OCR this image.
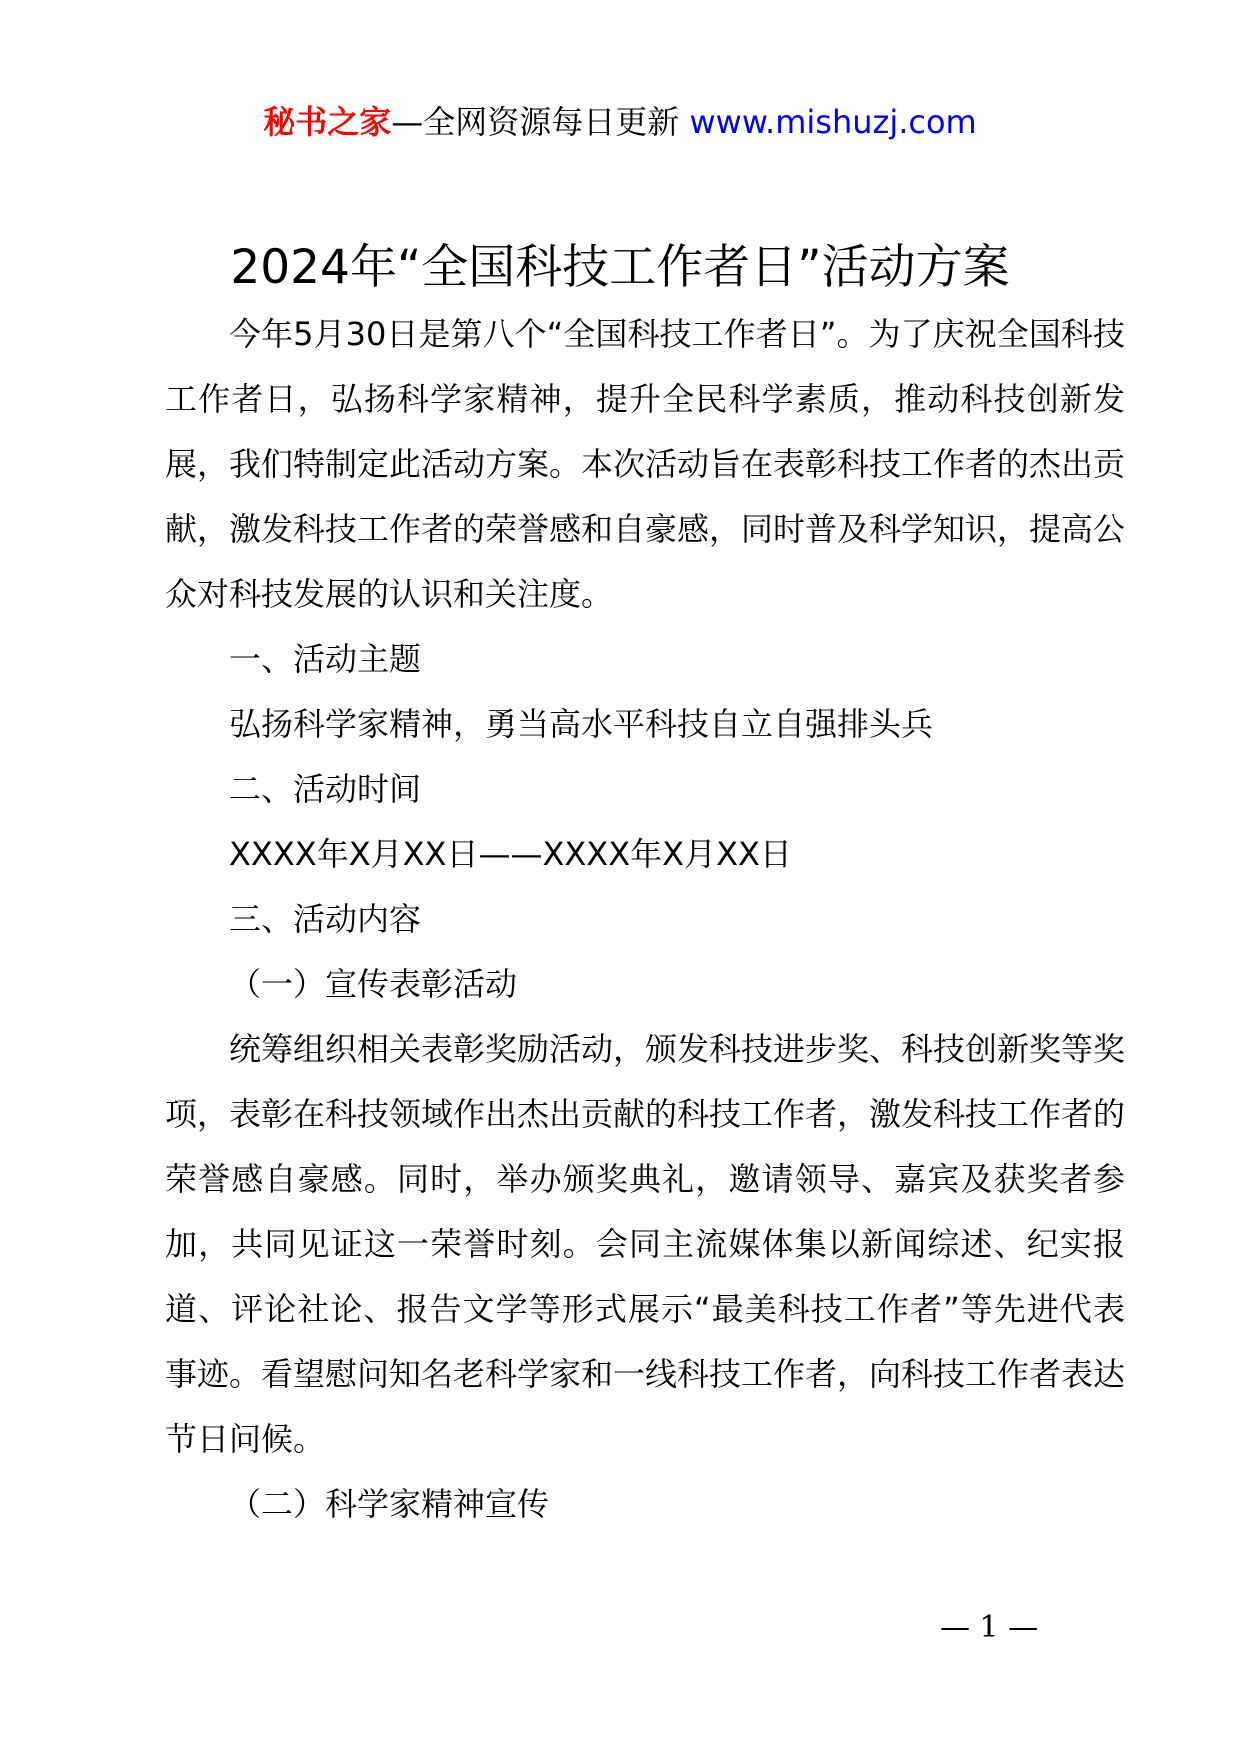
秘书之家—全网资源每日更新 www.mishuzj.com
2024年“全国科技工作者日”活动方案

今年5月30日是第八个“全国科技工作者日”。为了庆祝全国科技工作者日，弘扬科学家精神，提升全民科学素质，推动科技创新发展，我们特制定此活动方案。本次活动旨在表彰科技工作者的杰出贡献，激发科技工作者的荣誉感和自豪感，同时普及科学知识，提高公众对科技发展的认识和关注度。

一、活动主题

弘扬科学家精神，勇当高水平科技自立自强排头兵

二、活动时间

XXXX年X月XX日——XXXX年X月XX日

三、活动内容

（一）宣传表彰活动

统筹组织相关表彰奖励活动，颁发科技进步奖、科技创新奖等奖项，表彰在科技领域作出杰出贡献的科技工作者，激发科技工作者的荣誉感自豪感。同时，举办颁奖典礼，邀请领导、嘉宾及获奖者参加，共同见证这一荣誉时刻。会同主流媒体集以新闻综述、纪实报道、评论社论、报告文学等形式展示“最美科技工作者”等先进代表事迹。看望慰问知名老科学家和一线科技工作者，向科技工作者表达节日问候。

（二）科学家精神宣传

— 1 —
